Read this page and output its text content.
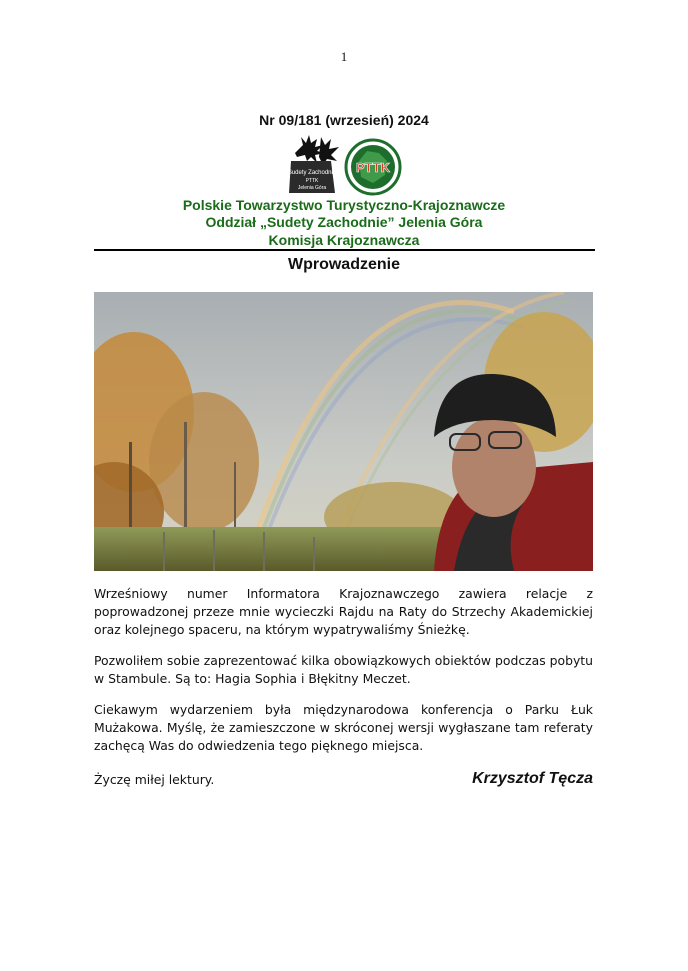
1
Nr 09/181 (wrzesień) 2024
Sudety Zachodnie
PTTK
Jelenia Góra
PTTK
Polskie Towarzystwo Turystyczno-Krajoznawcze
Oddział „Sudety Zachodnie” Jelenia Góra
Komisja Krajoznawcza
Wprowadzenie
Wrześniowy numer Informatora Krajoznawczego zawiera relacje z poprowadzonej przeze mnie wycieczki Rajdu na Raty do Strzechy Akademickiej oraz kolejnego spaceru, na którym wypatrywaliśmy Śnieżkę.
Pozwoliłem sobie zaprezentować kilka obowiązkowych obiektów podczas pobytu w Stambule. Są to: Hagia Sophia i Błękitny Meczet.
Ciekawym wydarzeniem była międzynarodowa konferencja o Parku Łuk Mużakowa. Myślę, że zamieszczone w skróconej wersji wygłaszane tam referaty zachęcą Was do odwiedzenia tego pięknego miejsca.
Życzę miłej lektury.	Krzysztof Tęcza
